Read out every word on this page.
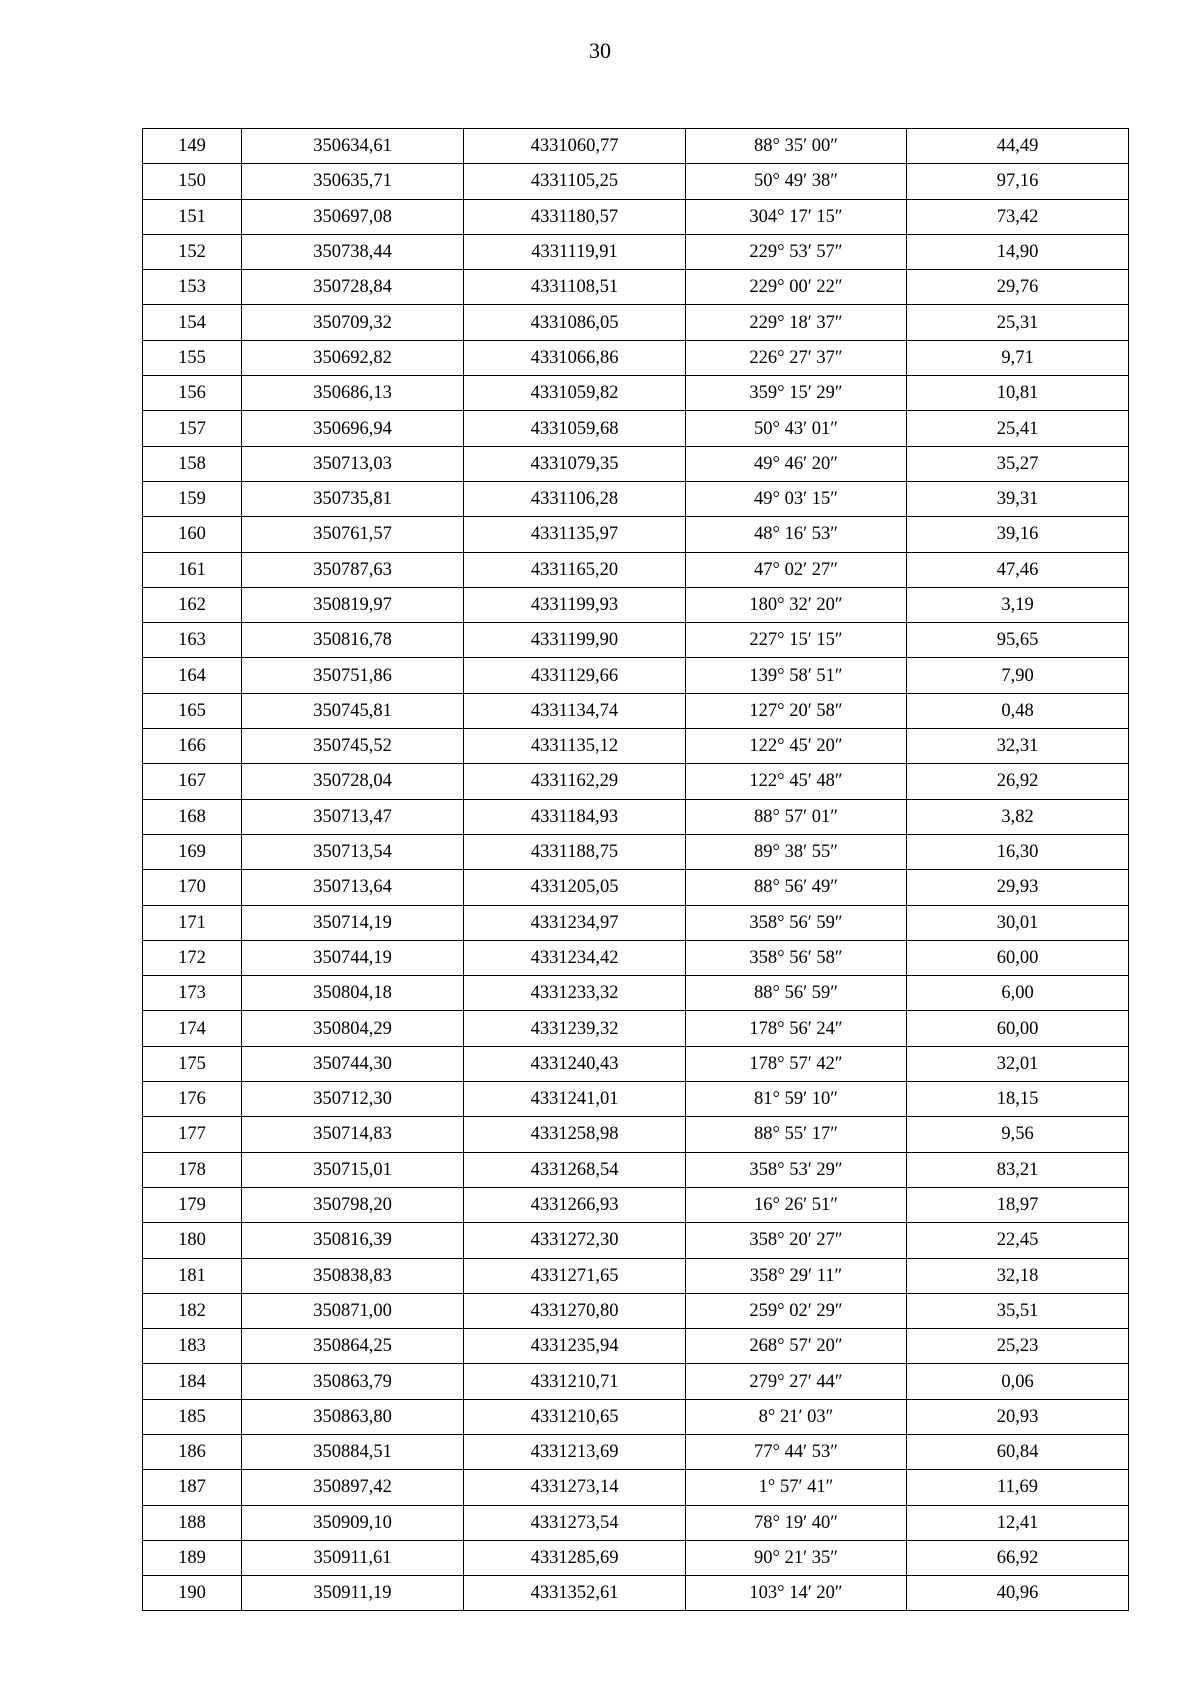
30
149	350634,61	4331060,77	88° 35′ 00″	44,49
150	350635,71	4331105,25	50° 49′ 38″	97,16
151	350697,08	4331180,57	304° 17′ 15″	73,42
152	350738,44	4331119,91	229° 53′ 57″	14,90
153	350728,84	4331108,51	229° 00′ 22″	29,76
154	350709,32	4331086,05	229° 18′ 37″	25,31
155	350692,82	4331066,86	226° 27′ 37″	9,71
156	350686,13	4331059,82	359° 15′ 29″	10,81
157	350696,94	4331059,68	50° 43′ 01″	25,41
158	350713,03	4331079,35	49° 46′ 20″	35,27
159	350735,81	4331106,28	49° 03′ 15″	39,31
160	350761,57	4331135,97	48° 16′ 53″	39,16
161	350787,63	4331165,20	47° 02′ 27″	47,46
162	350819,97	4331199,93	180° 32′ 20″	3,19
163	350816,78	4331199,90	227° 15′ 15″	95,65
164	350751,86	4331129,66	139° 58′ 51″	7,90
165	350745,81	4331134,74	127° 20′ 58″	0,48
166	350745,52	4331135,12	122° 45′ 20″	32,31
167	350728,04	4331162,29	122° 45′ 48″	26,92
168	350713,47	4331184,93	88° 57′ 01″	3,82
169	350713,54	4331188,75	89° 38′ 55″	16,30
170	350713,64	4331205,05	88° 56′ 49″	29,93
171	350714,19	4331234,97	358° 56′ 59″	30,01
172	350744,19	4331234,42	358° 56′ 58″	60,00
173	350804,18	4331233,32	88° 56′ 59″	6,00
174	350804,29	4331239,32	178° 56′ 24″	60,00
175	350744,30	4331240,43	178° 57′ 42″	32,01
176	350712,30	4331241,01	81° 59′ 10″	18,15
177	350714,83	4331258,98	88° 55′ 17″	9,56
178	350715,01	4331268,54	358° 53′ 29″	83,21
179	350798,20	4331266,93	16° 26′ 51″	18,97
180	350816,39	4331272,30	358° 20′ 27″	22,45
181	350838,83	4331271,65	358° 29′ 11″	32,18
182	350871,00	4331270,80	259° 02′ 29″	35,51
183	350864,25	4331235,94	268° 57′ 20″	25,23
184	350863,79	4331210,71	279° 27′ 44″	0,06
185	350863,80	4331210,65	8° 21′ 03″	20,93
186	350884,51	4331213,69	77° 44′ 53″	60,84
187	350897,42	4331273,14	1° 57′ 41″	11,69
188	350909,10	4331273,54	78° 19′ 40″	12,41
189	350911,61	4331285,69	90° 21′ 35″	66,92
190	350911,19	4331352,61	103° 14′ 20″	40,96
